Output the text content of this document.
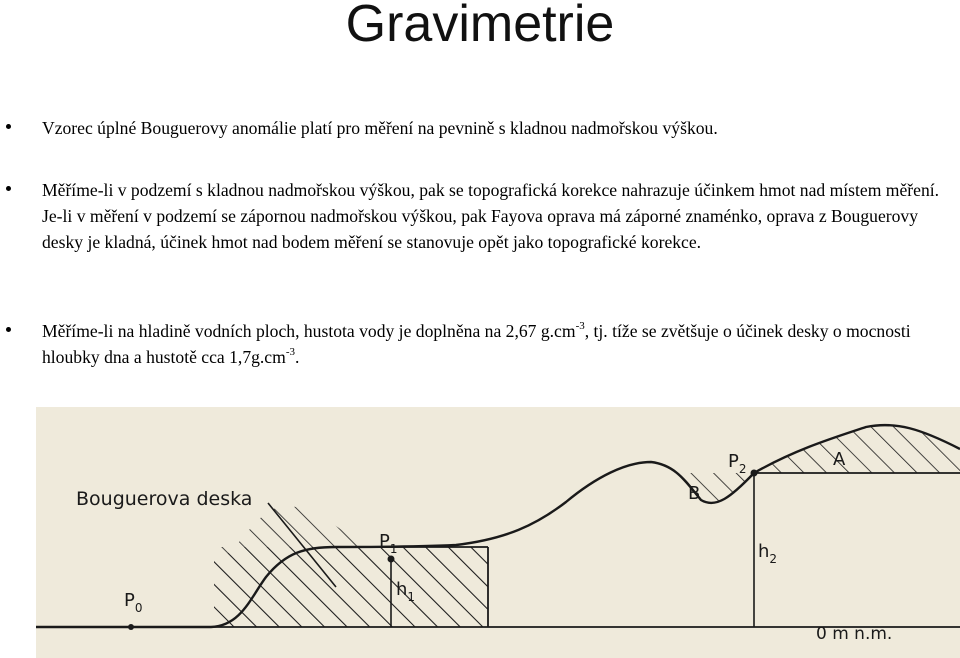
Gravimetrie
Vzorec úplné Bouguerovy anomálie platí pro měření na pevnině s kladnou nadmořskou výškou.
Měříme-li v podzemí s kladnou nadmořskou výškou, pak se topografická korekce nahrazuje účinkem hmot nad místem měření. Je-li v měření v podzemí se zápornou nadmořskou výškou, pak Fayova oprava má záporné znaménko, oprava z Bouguerovy desky je kladná, účinek hmot nad bodem měření se stanovuje opět jako topografické korekce.
Měříme-li na hladině vodních ploch, hustota vody je doplněna na 2,67 $g.cm^{-3}$, tj. tíže se zvětšuje o účinek desky o mocnosti hloubky dna a hustotě cca $1,7g.cm^{-3}$.
Bouguerova deska
$P_0$
$P_1$
$P_2$
$h_1$
$h_2$
A
B
0 m n.m.
